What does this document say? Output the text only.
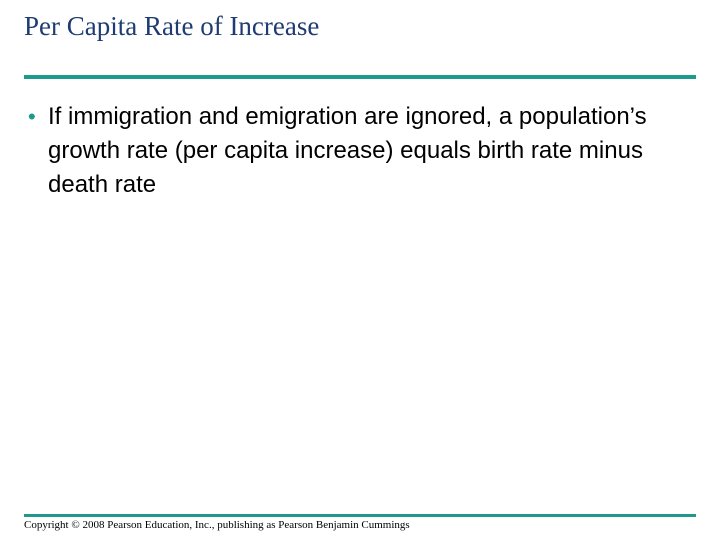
Per Capita Rate of Increase
• If immigration and emigration are ignored, a population’s growth rate (per capita increase) equals birth rate minus death rate
Copyright © 2008 Pearson Education, Inc., publishing as Pearson Benjamin Cummings
